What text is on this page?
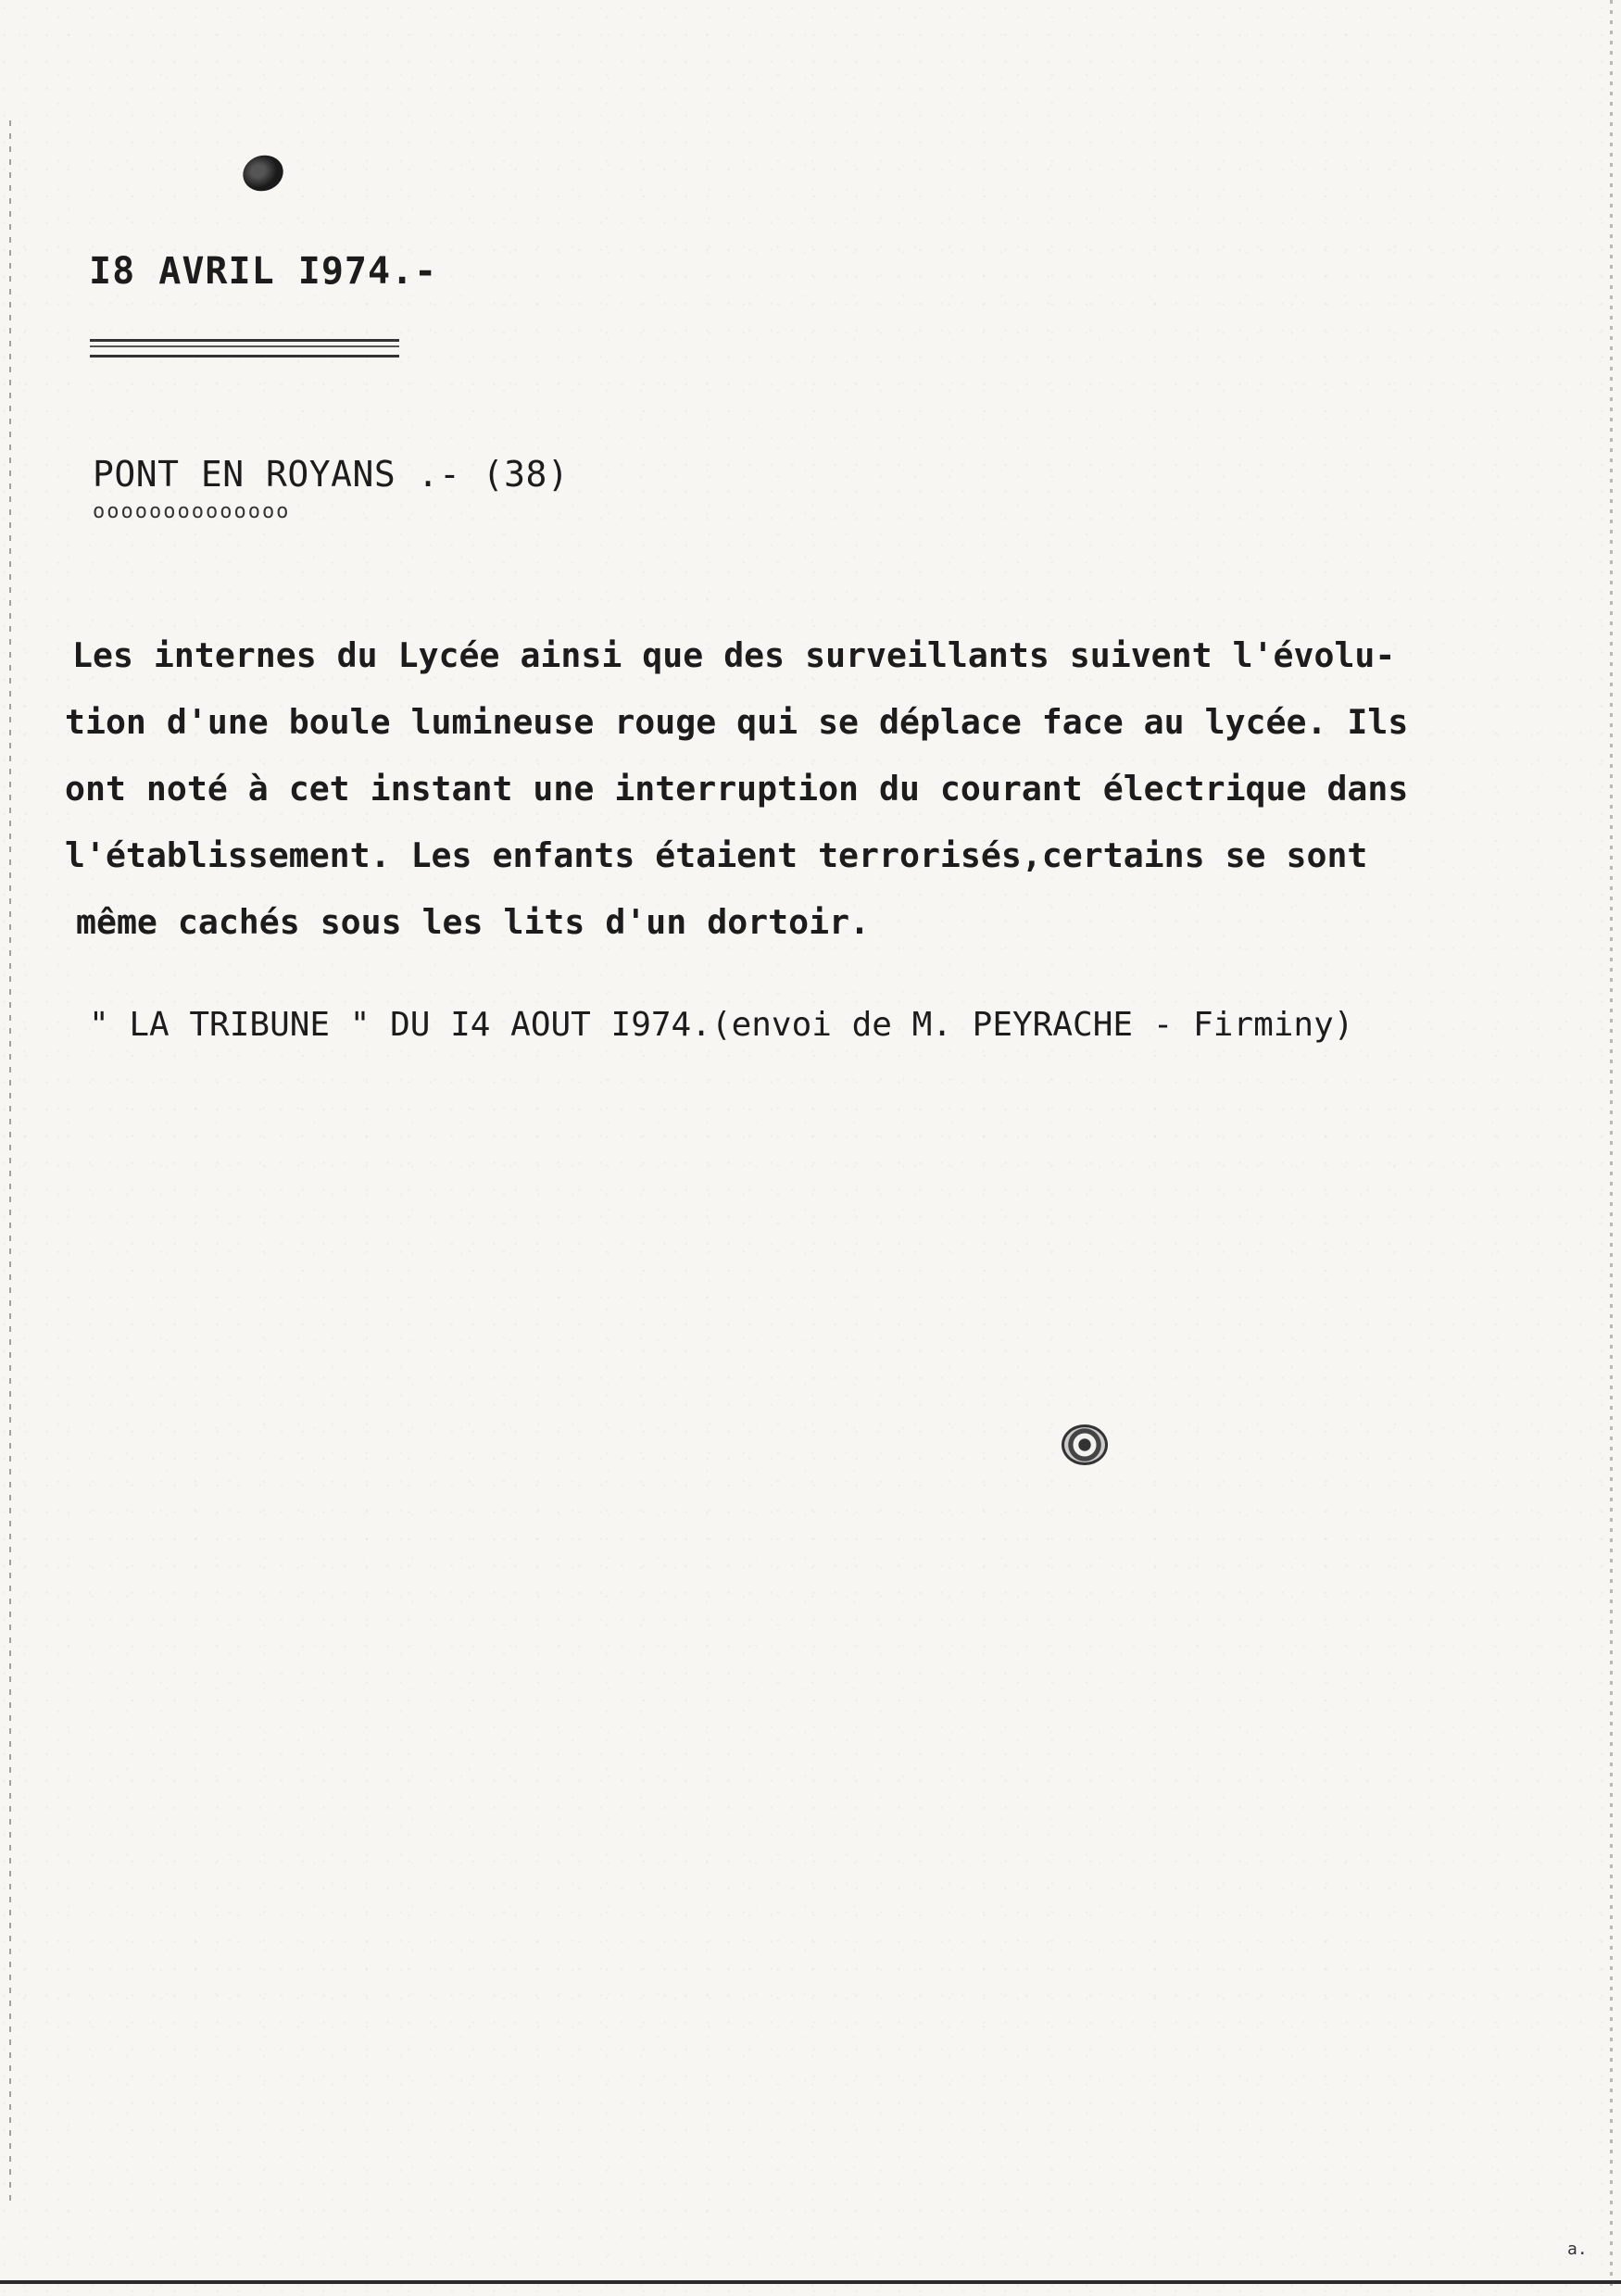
I8 AVRIL I974.-
PONT EN ROYANS .- (38)
oooooooooooooo
Les internes du Lycée ainsi que des surveillants suivent l'évolu-
tion d'une boule lumineuse rouge qui se déplace face au lycée. Ils
ont noté à cet instant une interruption du courant électrique dans
l'établissement. Les enfants étaient terrorisés,certains se sont
même cachés sous les lits d'un dortoir.
" LA TRIBUNE " DU I4 AOUT I974.(envoi de M. PEYRACHE - Firminy)
a.
